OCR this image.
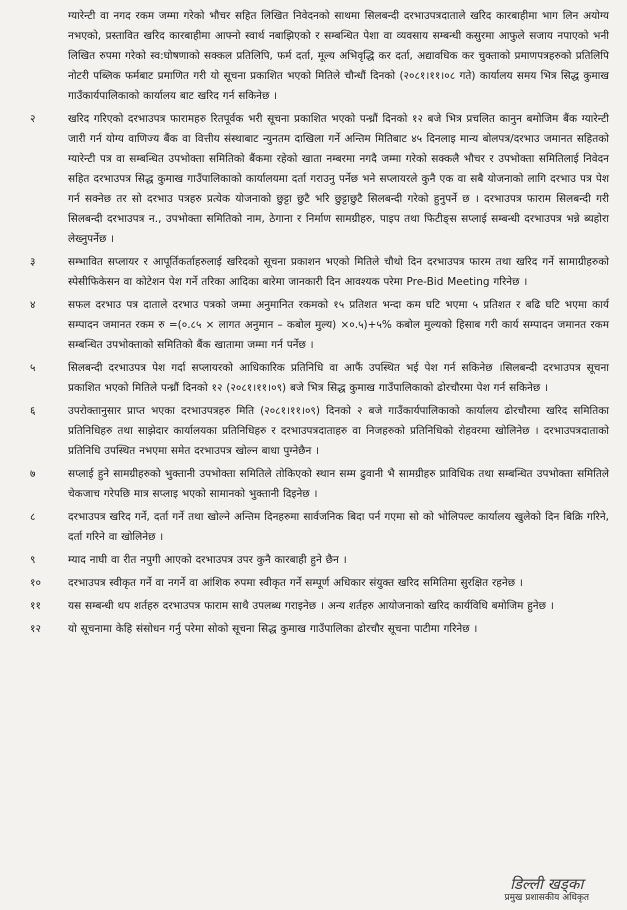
ग्यारेन्टी वा नगद रकम जम्मा गरेको भौचर सहित लिखित निवेदनको साथमा सिलबन्दी दरभाउपत्रदाताले खरिद कारबाहीमा भाग लिन अयोग्य नभएको, प्रस्तावित खरिद कारबाहीमा आफ्नो स्वार्थ नबाझिएको र सम्बन्धित पेशा वा व्यवसाय सम्बन्धी कसुरमा आफुले सजाय नपाएको भनी लिखित रुपमा गरेको स्व:घोषणाको सक्कल प्रतिलिपि, फर्म दर्ता, मूल्य अभिवृद्धि कर दर्ता, अद्यावधिक कर चुक्ताको प्रमाणपत्रहरुको प्रतिलिपि नोटरी पब्लिक फर्मबाट प्रमाणित गरी यो सूचना प्रकाशित भएको मितिले चौन्धौं दिनको (२०८१।११।०८ गते) कार्यालय समय भित्र सिद्ध कुमाख गाउँकार्यपालिकाको कार्यालय बाट खरिद गर्न सकिनेछ ।
२	खरिद गरिएको दरभाउपत्र फारामहरु रितपूर्वक भरी सूचना प्रकाशित भएको पन्ध्रौं दिनको १२ बजे भित्र प्रचलित कानुन बमोजिम बैंक ग्यारेन्टी जारी गर्न योग्य वाणिज्य बैंक वा वित्तीय संस्थाबाट न्युनतम दाखिला गर्ने अन्तिम मितिबाट ४५ दिनलाइ मान्य बोलपत्र/दरभाउ जमानत सहितको ग्यारेन्टी पत्र वा सम्बन्धित उपभोक्ता समितिको बैंकमा रहेको खाता नम्बरमा नगदै जम्मा गरेको सक्कलै भौचर र उपभोक्ता समितिलाई निवेदन सहित दरभाउपत्र सिद्ध कुमाख गाउँपालिकाको कार्यालयमा दर्ता गराउनु पर्नेछ भने सप्लायरले कुनै एक वा सबै योजनाको लागि दरभाउ पत्र पेश गर्न सक्नेछ तर सो दरभाउ पत्रहरु प्रत्येक योजनाको छुट्टा छुटै भरि छुट्टाछुटै सिलबन्दी गरेको हुनुपर्ने छ । दरभाउपत्र फाराम सिलबन्दी गरी सिलबन्दी दरभाउपत्र न., उपभोक्ता समितिको नाम, ठेगाना र निर्माण सामग्रीहरु, पाइप तथा फिटीङ्स सप्लाई सम्बन्धी दरभाउपत्र भन्ने ब्यहोरा लेख्नुपर्नेछ ।
३	सम्भावित सप्लायर र आपूर्तिकर्ताहरुलाई खरिदको सूचना प्रकाशन भएको मितिले चौथो दिन दरभाउपत्र फारम तथा खरिद गर्ने सामाग्रीहरुको स्पेसीफिकेसन वा कोटेशन पेश गर्ने तरिका आदिका बारेमा जानकारी दिन आवश्यक परेमा Pre-Bid Meeting गरिनेछ ।
४	सफल दरभाउ पत्र दाताले दरभाउ पत्रको जम्मा अनुमानित रकमको १५ प्रतिशत भन्दा कम घटि भएमा ५ प्रतिशत र बढि घटि भएमा कार्य सम्पादन जमानत रकम रु =(०.८५ × लागत अनुमान – कबोल मुल्य) ×०.५)+५% कबोल मुल्यको हिसाब गरी कार्य सम्पादन जमानत रकम सम्बन्धित उपभोक्ताको समितिको बैंक खातामा जम्मा गर्न पर्नेछ ।
५	सिलबन्दी दरभाउपत्र पेश गर्दा सप्लायरको आधिकारिक प्रतिनिधि वा आफैं उपस्थित भई पेश गर्न सकिनेछ ।सिलबन्दी दरभाउपत्र सूचना प्रकाशित भएको मितिले पन्ध्रौं दिनको १२ (२०८१।११।०९) बजे भित्र सिद्ध कुमाख गाउँपालिकाको ढोरचौरमा पेश गर्न सकिनेछ ।
६	उपरोक्तानुसार प्राप्त भएका दरभाउपत्रहरु मिति (२०८१।११।०९) दिनको २ बजे गाउँकार्यपालिकाको कार्यालय ढोरचौरमा खरिद समितिका प्रतिनिधिहरु तथा साझेदार कार्यालयका प्रतिनिधिहरु र दरभाउपत्रदाताहरु वा निजहरुको प्रतिनिधिको रोहवरमा खोलिनेछ । दरभाउपत्रदाताको प्रतिनिधि उपस्थित नभएमा समेत दरभाउपत्र खोल्न बाधा पुग्नेछैन ।
७	सप्लाई हुने सामग्रीहरुको भुक्तानी उपभोक्ता समितिले तोकिएको स्थान सम्म ढुवानी भै सामग्रीहरु प्राविधिक तथा सम्बन्धित उपभोक्ता समितिले चेकजाच गरेपछि मात्र सप्लाइ भएको सामानको भुक्तानी दिइनेछ ।
८	दरभाउपत्र खरिद गर्ने, दर्ता गर्ने तथा खोल्ने अन्तिम दिनहरुमा सार्वजनिक बिदा पर्न गएमा सो को भोलिपल्ट कार्यालय खुलेको दिन बिक्रि गरिने, दर्ता गरिने वा खोलिनेछ ।
९	म्याद नाघी वा रीत नपुगी आएको दरभाउपत्र उपर कुनै कारबाही हुने छैन ।
१०	दरभाउपत्र स्वीकृत गर्ने वा नगर्ने वा आंशिक रुपमा स्वीकृत गर्ने सम्पूर्ण अधिकार संयुक्त खरिद समितिमा सुरक्षित रहनेछ ।
११	यस सम्बन्धी थप शर्तहरु दरभाउपत्र फाराम साथै उपलब्ध गराइनेछ । अन्य शर्तहरु आयोजनाको खरिद कार्यविधि बमोजिम हुनेछ ।
१२	यो सूचनामा केहि संसोधन गर्नु परेमा सोको सूचना सिद्ध कुमाख गाउँपालिका ढोरचौर सूचना पाटीमा गरिनेछ ।
डिल्ली खड्का
प्रमुख प्रशासकीय अधिकृत
